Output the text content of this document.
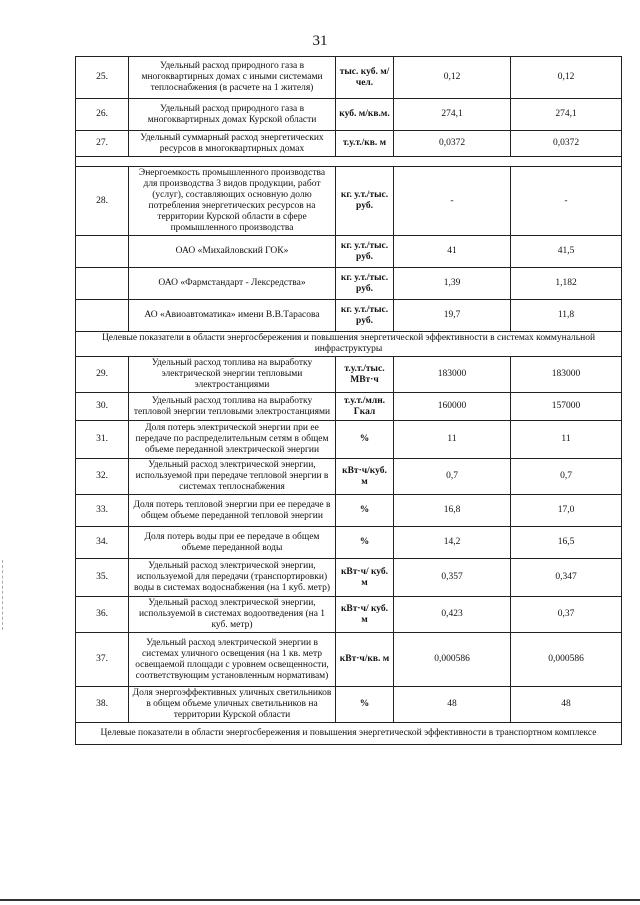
31
25.	Удельный расход природного газа в многоквартирных домах с иными системами теплоснабжения (в расчете на 1 жителя)	тыс. куб. м/чел.	0,12	0,12
26.	Удельный расход природного газа в многоквартирных домах Курской области	куб. м/кв.м.	274,1	274,1
27.	Удельный суммарный расход энергетических ресурсов в многоквартирных домах	т.у.т./кв. м	0,0372	0,0372

28.	Энергоемкость промышленного производства для производства 3 видов продукции, работ (услуг), составляющих основную долю потребления энергетических ресурсов на территории Курской области в сфере промышленного производства	кг. у.т./тыс. руб.	-	-
	ОАО «Михайловский ГОК»	кг. у.т./тыс. руб.	41	41,5
	ОАО «Фармстандарт - Лексредства»	кг. у.т./тыс. руб.	1,39	1,182
	АО «Авиоавтоматика» имени В.В.Тарасова	кг. у.т./тыс. руб.	19,7	11,8
Целевые показатели в области энергосбережения и повышения энергетической эффективности в системах коммунальной инфраструктуры				
29.	Удельный расход топлива на выработку электрической энергии тепловыми электростанциями	т.у.т./тыс. МВт·ч	183000	183000
30.	Удельный расход топлива на выработку тепловой энергии тепловыми электростанциями	т.у.т./млн. Гкал	160000	157000
31.	Доля потерь электрической энергии при ее передаче по распределительным сетям в общем объеме переданной электрической энергии	%	11	11
32.	Удельный расход электрической энергии, используемой при передаче тепловой энергии в системах теплоснабжения	кВт·ч/куб. м	0,7	0,7
33.	Доля потерь тепловой энергии при ее передаче в общем объеме переданной тепловой энергии	%	16,8	17,0
34.	Доля потерь воды при ее передаче в общем объеме переданной воды	%	14,2	16,5
35.	Удельный расход электрической энергии, используемой для передачи (транспортировки) воды в системах водоснабжения (на 1 куб. метр)	кВт·ч/ куб. м	0,357	0,347
36.	Удельный расход электрической энергии, используемой в системах водоотведения (на 1 куб. метр)	кВт·ч/ куб. м	0,423	0,37
37.	Удельный расход электрической энергии в системах уличного освещения (на 1 кв. метр освещаемой площади с уровнем освещенности, соответствующим установленным нормативам)	кВт·ч/кв. м	0,000586	0,000586
38.	Доля энергоэффективных уличных светильников в общем объеме уличных светильников на территории Курской области	%	48	48
Целевые показатели в области энергосбережения и повышения энергетической эффективности в транспортном комплексе				
